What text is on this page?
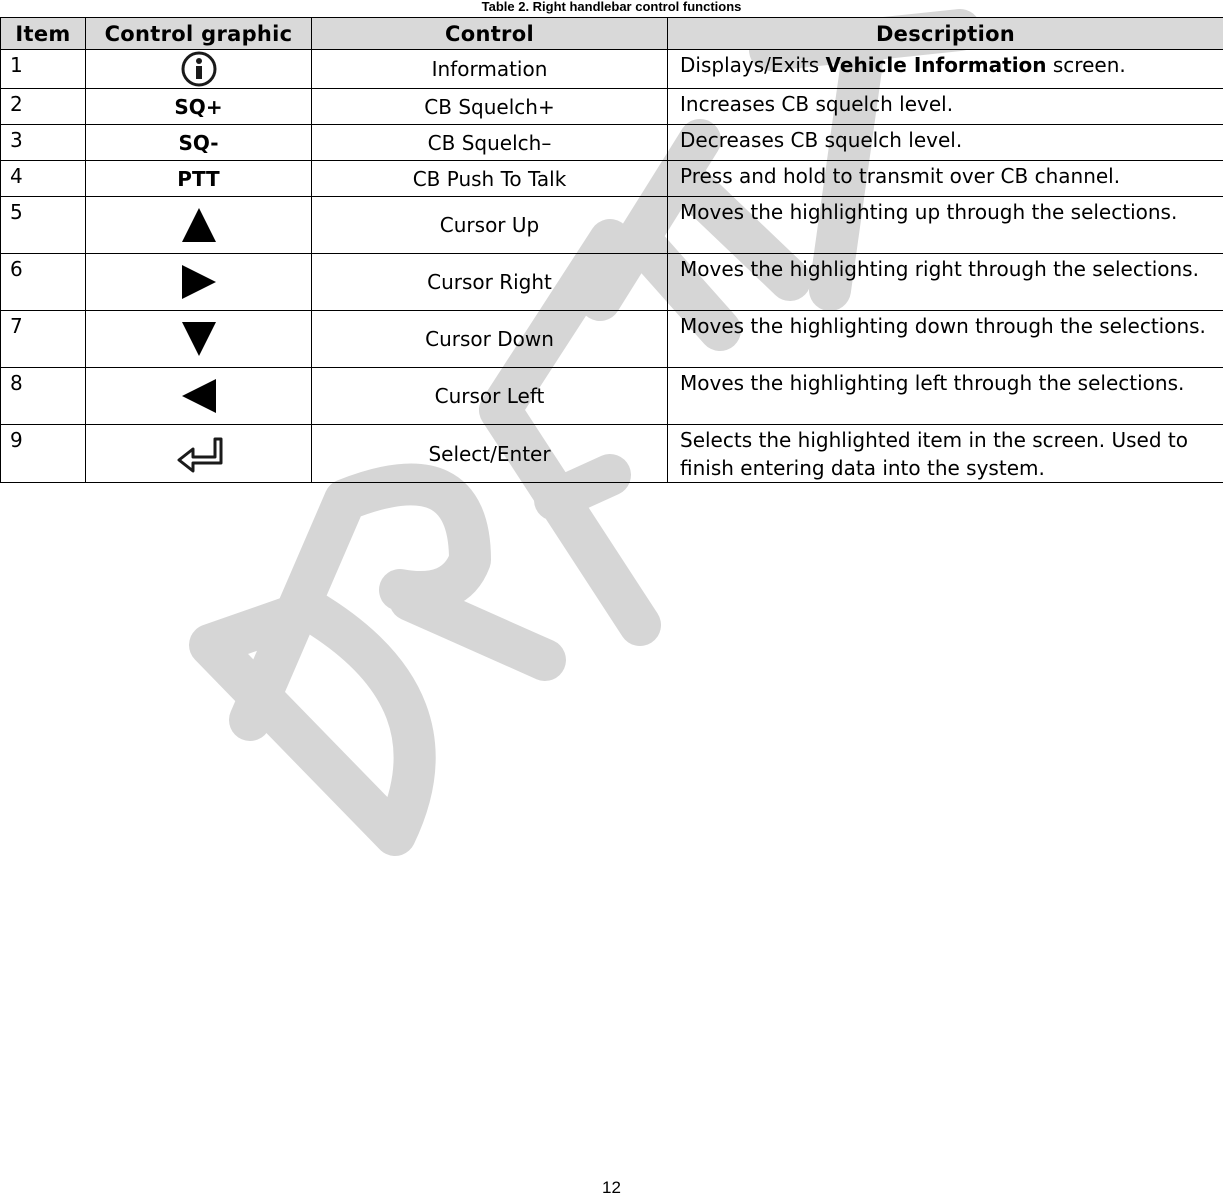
Table 2. Right handlebar control functions
Item	Control graphic	Control	Description
1		Information	Displays/Exits Vehicle Information screen.
2	SQ+	CB Squelch+	Increases CB squelch level.
3	SQ-	CB Squelch–	Decreases CB squelch level.
4	PTT	CB Push To Talk	Press and hold to transmit over CB channel.
5		Cursor Up	Moves the highlighting up through the selections.
6		Cursor Right	Moves the highlighting right through the selections.
7		Cursor Down	Moves the highlighting down through the selections.
8		Cursor Left	Moves the highlighting left through the selections.
9		Select/Enter	Selects the highlighted item in the screen. Used to finish entering data into the system.
12
